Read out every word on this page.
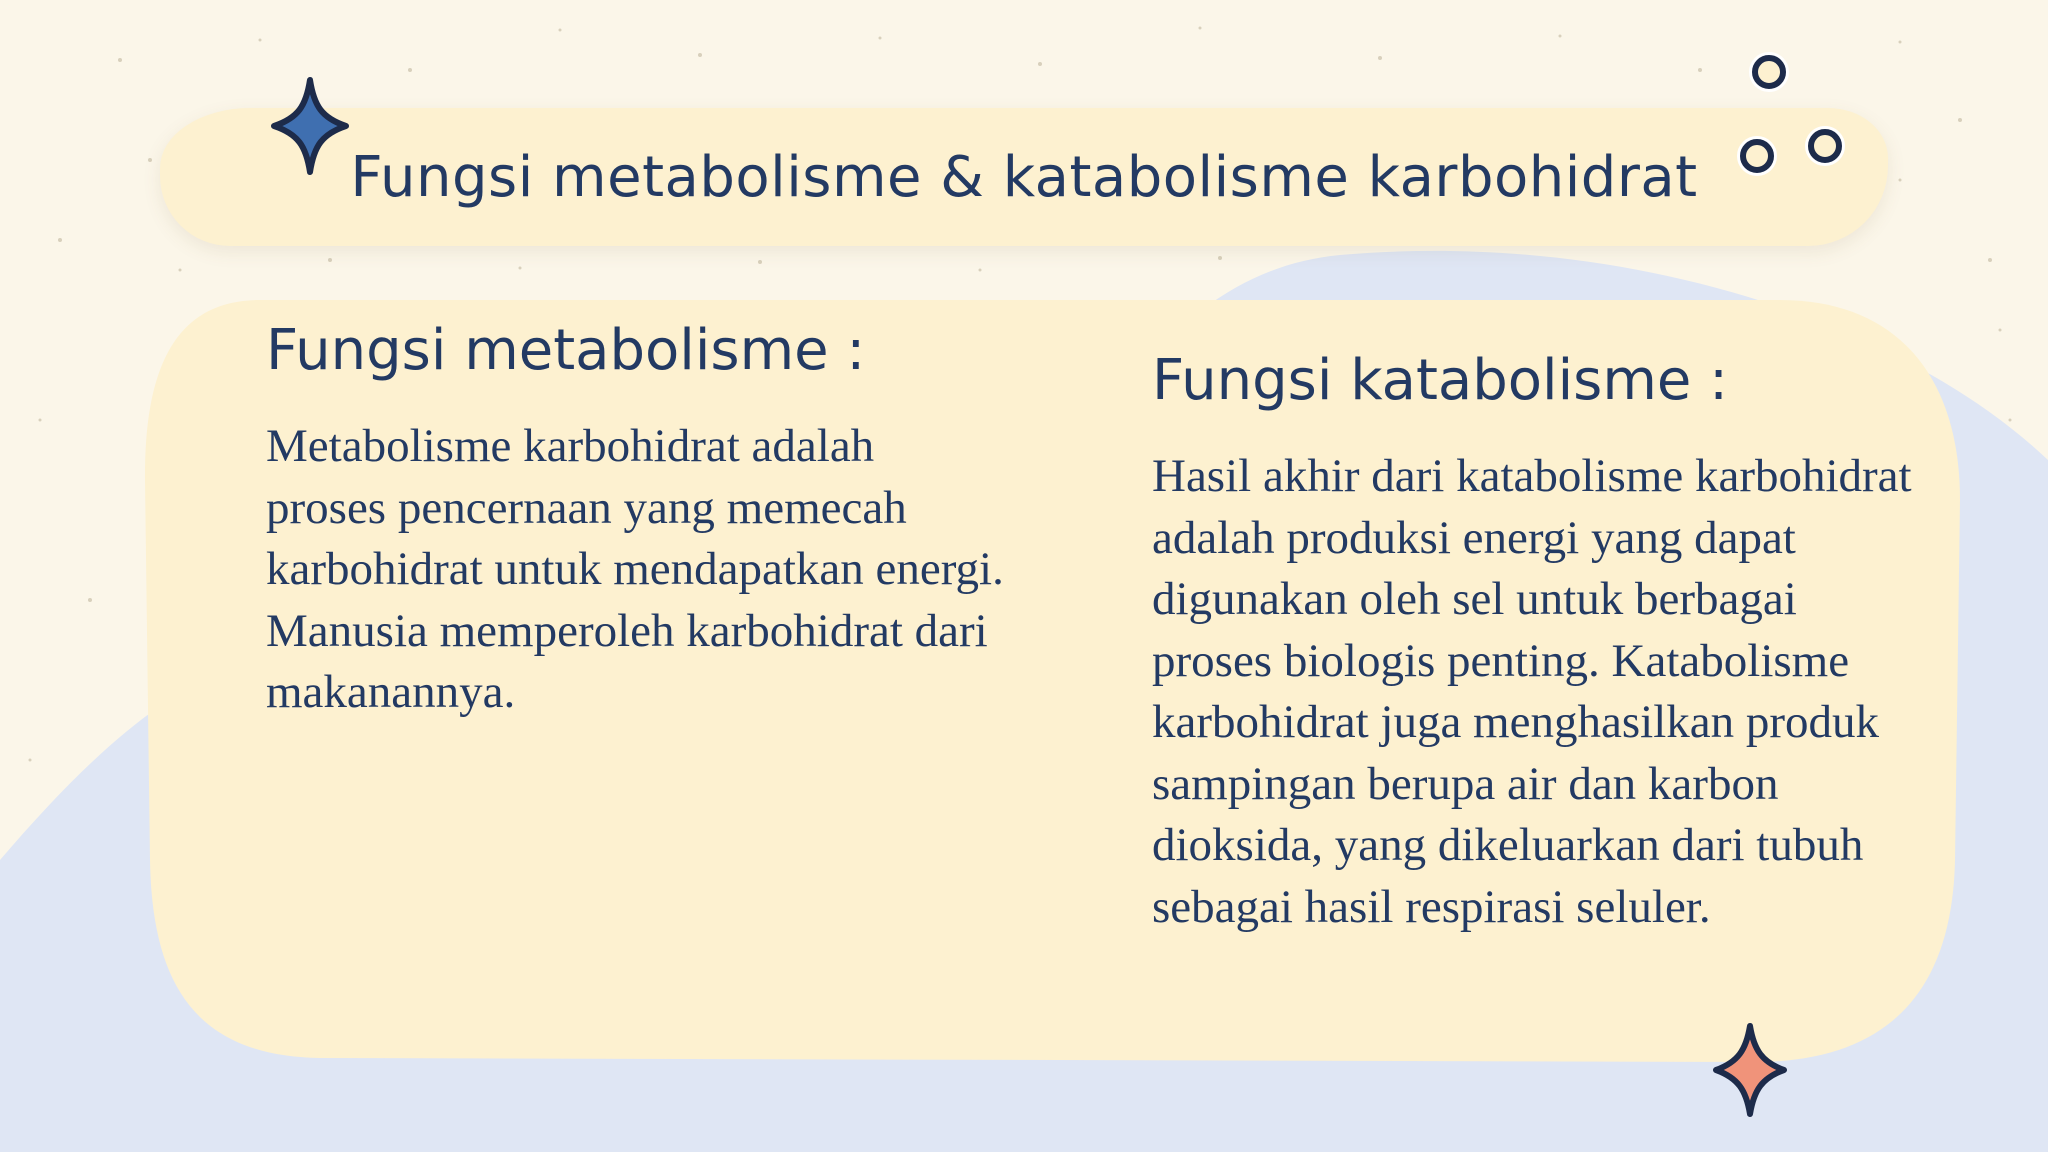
Fungsi metabolisme & katabolisme karbohidrat
Fungsi metabolisme :
Metabolisme karbohidrat adalah proses pencernaan yang memecah karbohidrat untuk mendapatkan energi. Manusia memperoleh karbohidrat dari makanannya.
Fungsi katabolisme :
Hasil akhir dari katabolisme karbohidrat adalah produksi energi yang dapat digunakan oleh sel untuk berbagai proses biologis penting. Katabolisme karbohidrat juga menghasilkan produk sampingan berupa air dan karbon dioksida, yang dikeluarkan dari tubuh sebagai hasil respirasi seluler.
